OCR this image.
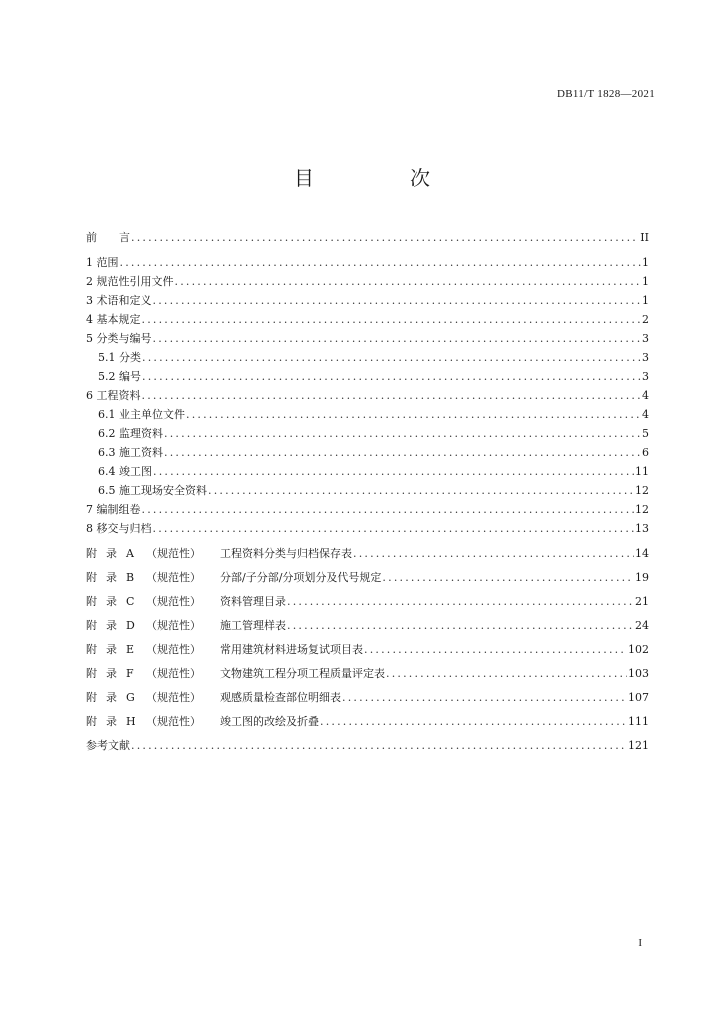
DB11/T 1828—2021
目　次
前　　言 .....	II
1 范围 .....	1
2 规范性引用文件 .....	1
3 术语和定义 .....	1
4 基本规定 .....	2
5 分类与编号 .....	3
5.1 分类 .....	3
5.2 编号 .....	3
6 工程资料 .....	4
6.1 业主单位文件 .....	4
6.2 监理资料 .....	5
6.3 施工资料 .....	6
6.4 竣工图 .....	11
6.5 施工现场安全资料 .....	12
7 编制组卷 .....	12
8 移交与归档 .....	13
附 录 A （规范性） 工程资料分类与归档保存表 .....	14
附 录 B （规范性） 分部/子分部/分项划分及代号规定 .....	19
附 录 C （规范性） 资料管理目录 .....	21
附 录 D （规范性） 施工管理样表 .....	24
附 录 E （规范性） 常用建筑材料进场复试项目表 .....	102
附 录 F （规范性） 文物建筑工程分项工程质量评定表 .....	103
附 录 G （规范性） 观感质量检查部位明细表 .....	107
附 录 H （规范性） 竣工图的改绘及折叠 .....	111
参考文献 .....	121
I
